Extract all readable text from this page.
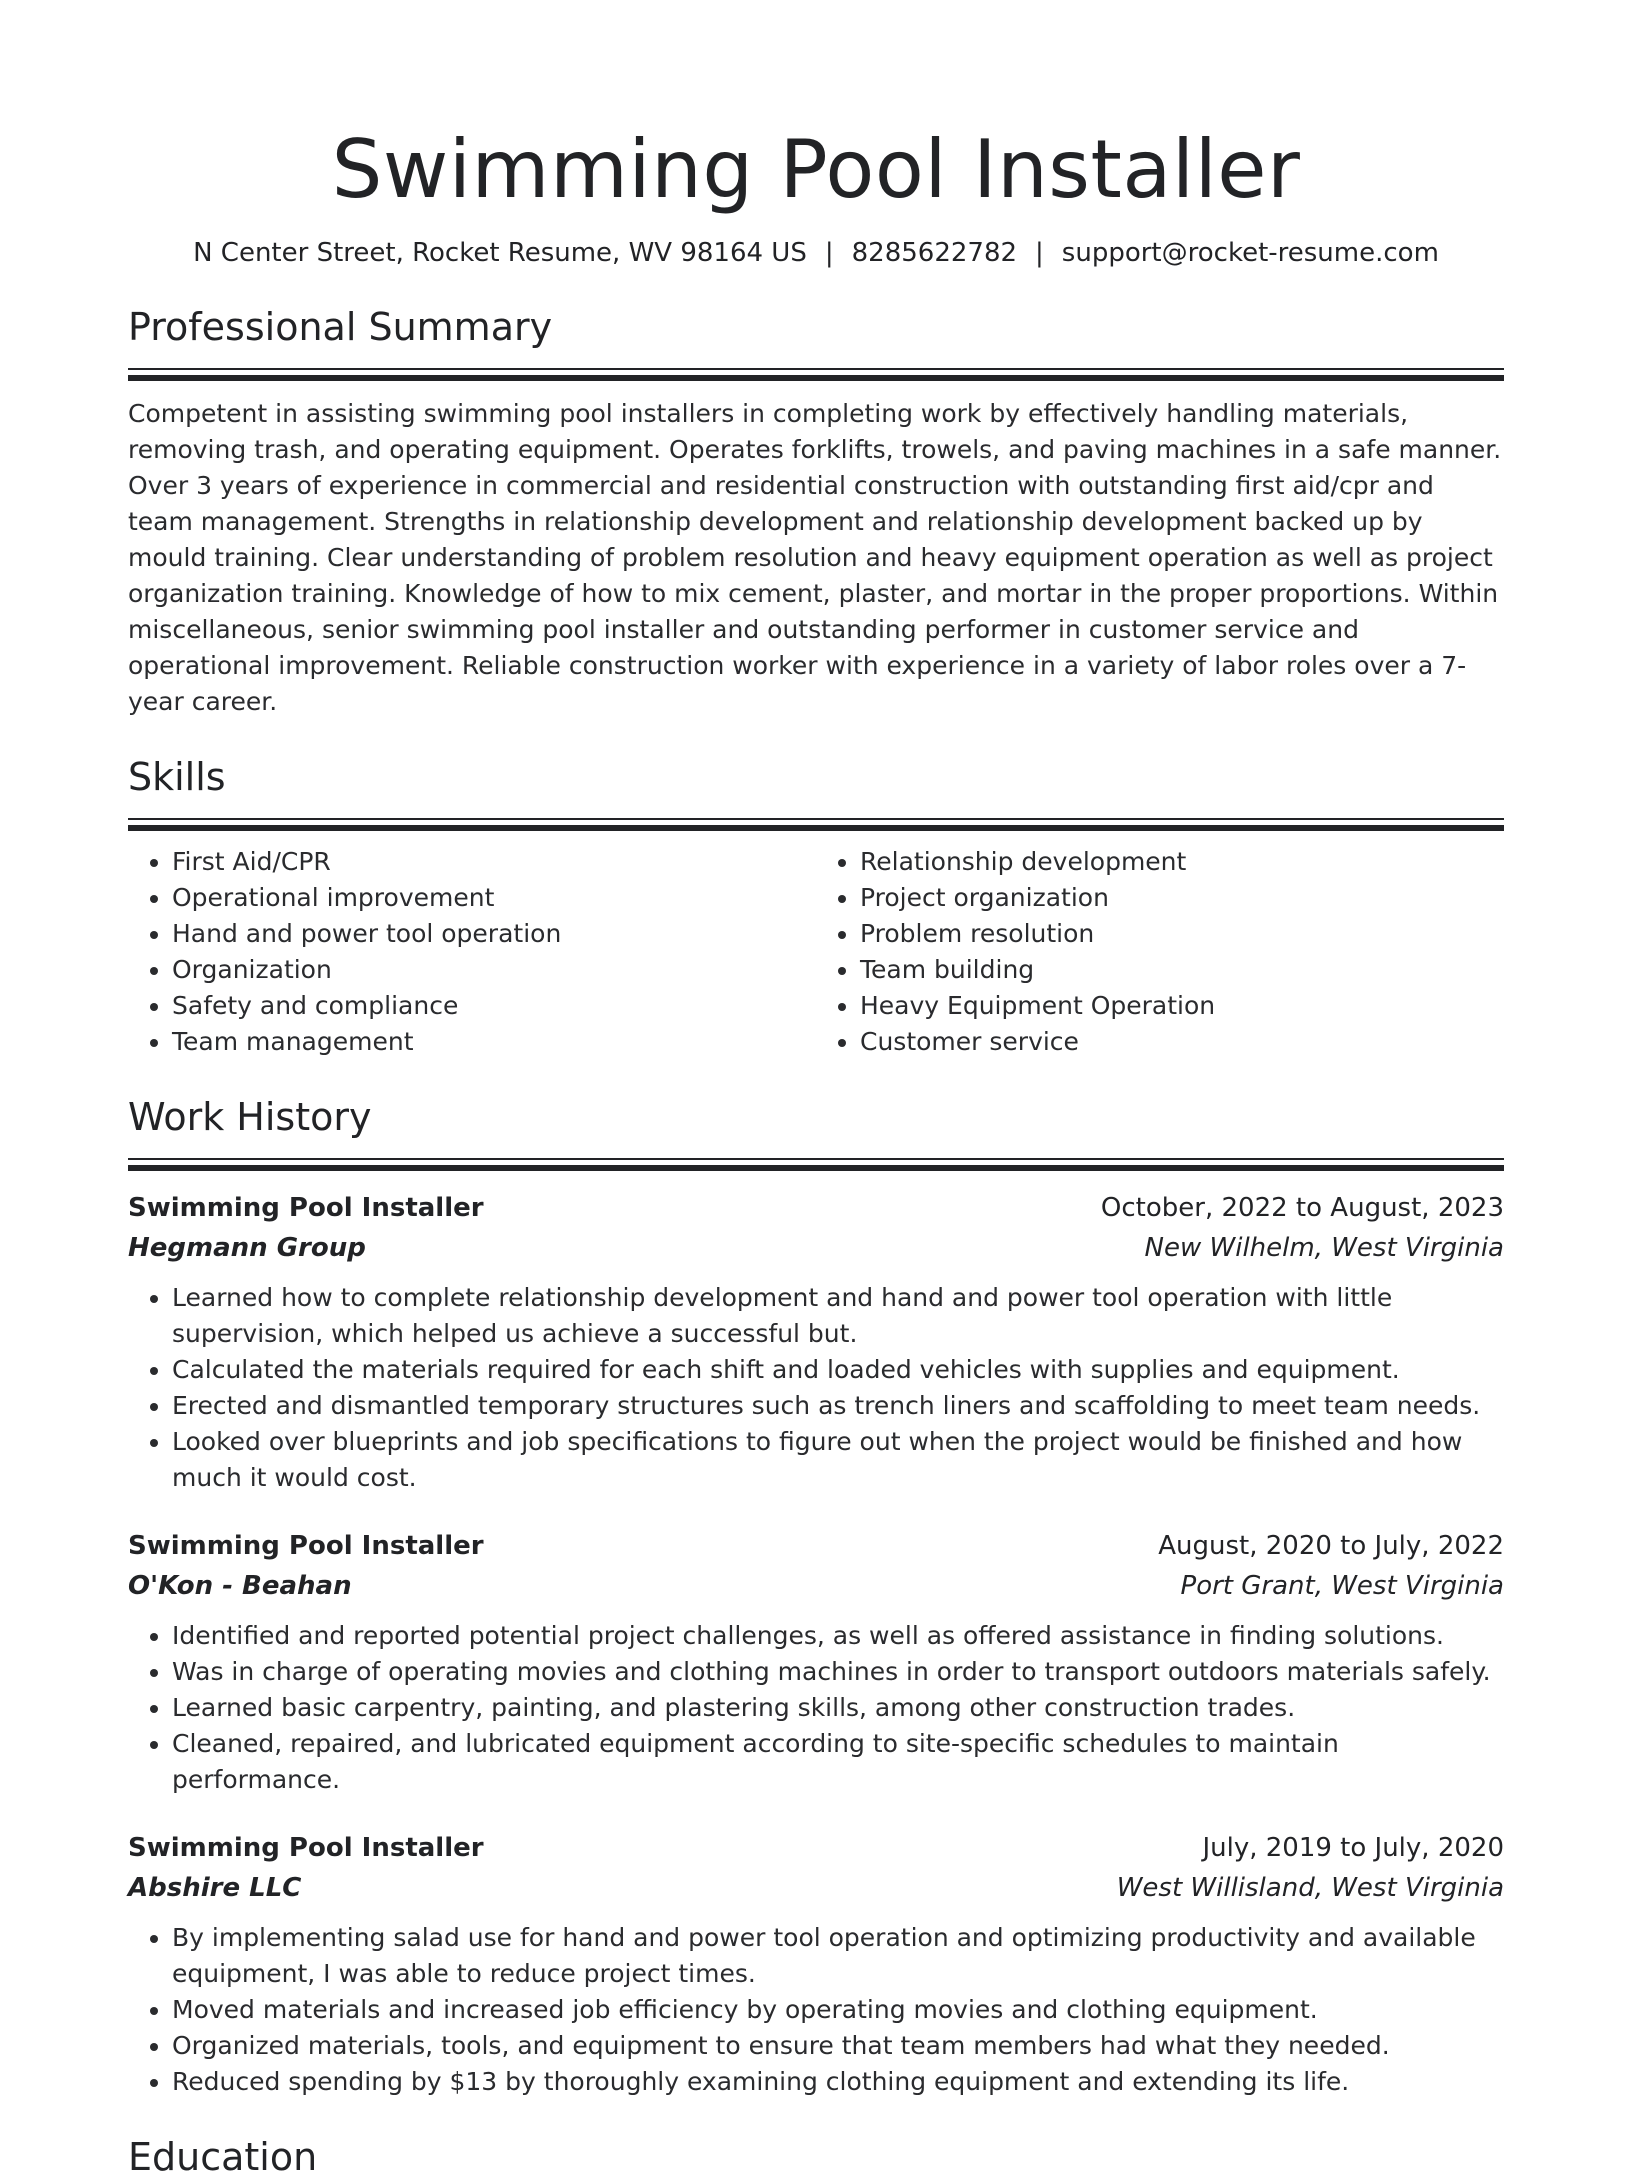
Swimming Pool Installer
N Center Street, Rocket Resume, WV 98164 US | 8285622782 | support@rocket-resume.com
Professional Summary

Competent in assisting swimming pool installers in completing work by effectively handling materials, removing trash, and operating equipment. Operates forklifts, trowels, and paving machines in a safe manner. Over 3 years of experience in commercial and residential construction with outstanding first aid/cpr and team management. Strengths in relationship development and relationship development backed up by mould training. Clear understanding of problem resolution and heavy equipment operation as well as project organization training. Knowledge of how to mix cement, plaster, and mortar in the proper proportions. Within miscellaneous, senior swimming pool installer and outstanding performer in customer service and operational improvement. Reliable construction worker with experience in a variety of labor roles over a 7-year career.

Skills
• First Aid/CPR
• Operational improvement
• Hand and power tool operation
• Organization
• Safety and compliance
• Team management
• Relationship development
• Project organization
• Problem resolution
• Team building
• Heavy Equipment Operation
• Customer service
Work History
Swimming Pool Installer	October, 2022 to August, 2023
Hegmann Group	New Wilhelm, West Virginia
• Learned how to complete relationship development and hand and power tool operation with little supervision, which helped us achieve a successful but.
• Calculated the materials required for each shift and loaded vehicles with supplies and equipment.
• Erected and dismantled temporary structures such as trench liners and scaffolding to meet team needs.
• Looked over blueprints and job specifications to figure out when the project would be finished and how much it would cost.
Swimming Pool Installer	August, 2020 to July, 2022
O'Kon - Beahan	Port Grant, West Virginia
• Identified and reported potential project challenges, as well as offered assistance in finding solutions.
• Was in charge of operating movies and clothing machines in order to transport outdoors materials safely.
• Learned basic carpentry, painting, and plastering skills, among other construction trades.
• Cleaned, repaired, and lubricated equipment according to site-specific schedules to maintain performance.
Swimming Pool Installer	July, 2019 to July, 2020
Abshire LLC	West Willisland, West Virginia
• By implementing salad use for hand and power tool operation and optimizing productivity and available equipment, I was able to reduce project times.
• Moved materials and increased job efficiency by operating movies and clothing equipment.
• Organized materials, tools, and equipment to ensure that team members had what they needed.
• Reduced spending by $13 by thoroughly examining clothing equipment and extending its life.
Education
